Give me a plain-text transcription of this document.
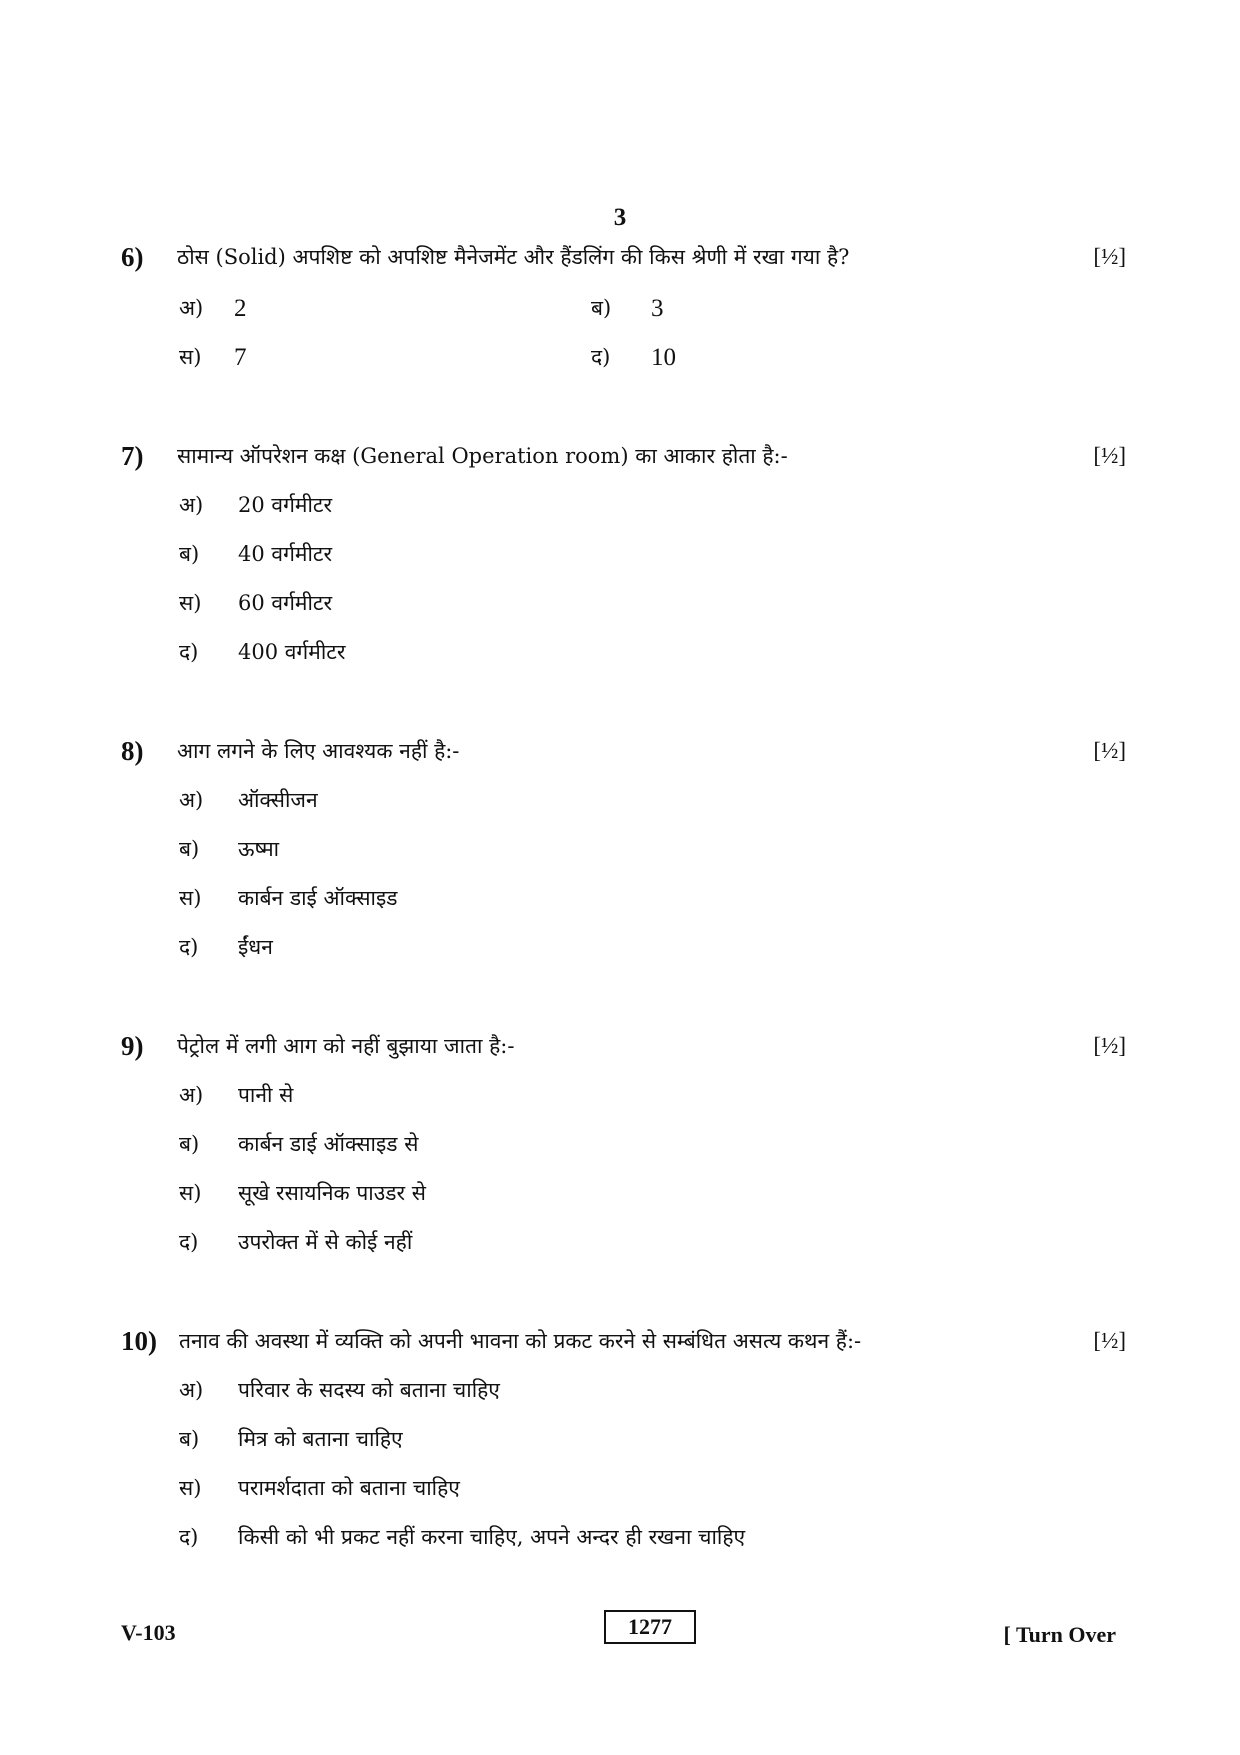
3
6) ठोस (Solid) अपशिष्ट को अपशिष्ट मैनेजमेंट और हैंडलिंग की किस श्रेणी में रखा गया है?	[½]
अ) 2	ब) 3
स) 7	द) 10
7) सामान्य ऑपरेशन कक्ष (General Operation room) का आकार होता है:-	[½]
अ) 20 वर्गमीटर
ब) 40 वर्गमीटर
स) 60 वर्गमीटर
द) 400 वर्गमीटर
8) आग लगने के लिए आवश्यक नहीं है:-	[½]
अ) ऑक्सीजन
ब) ऊष्मा
स) कार्बन डाई ऑक्साइड
द) ईंधन
9) पेट्रोल में लगी आग को नहीं बुझाया जाता है:-	[½]
अ) पानी से
ब) कार्बन डाई ऑक्साइड से
स) सूखे रसायनिक पाउडर से
द) उपरोक्त में से कोई नहीं
10) तनाव की अवस्था में व्यक्ति को अपनी भावना को प्रकट करने से सम्बंधित असत्य कथन हैं:-	[½]
अ) परिवार के सदस्य को बताना चाहिए
ब) मित्र को बताना चाहिए
स) परामर्शदाता को बताना चाहिए
द) किसी को भी प्रकट नहीं करना चाहिए, अपने अन्दर ही रखना चाहिए
V-103	1277	[ Turn Over
